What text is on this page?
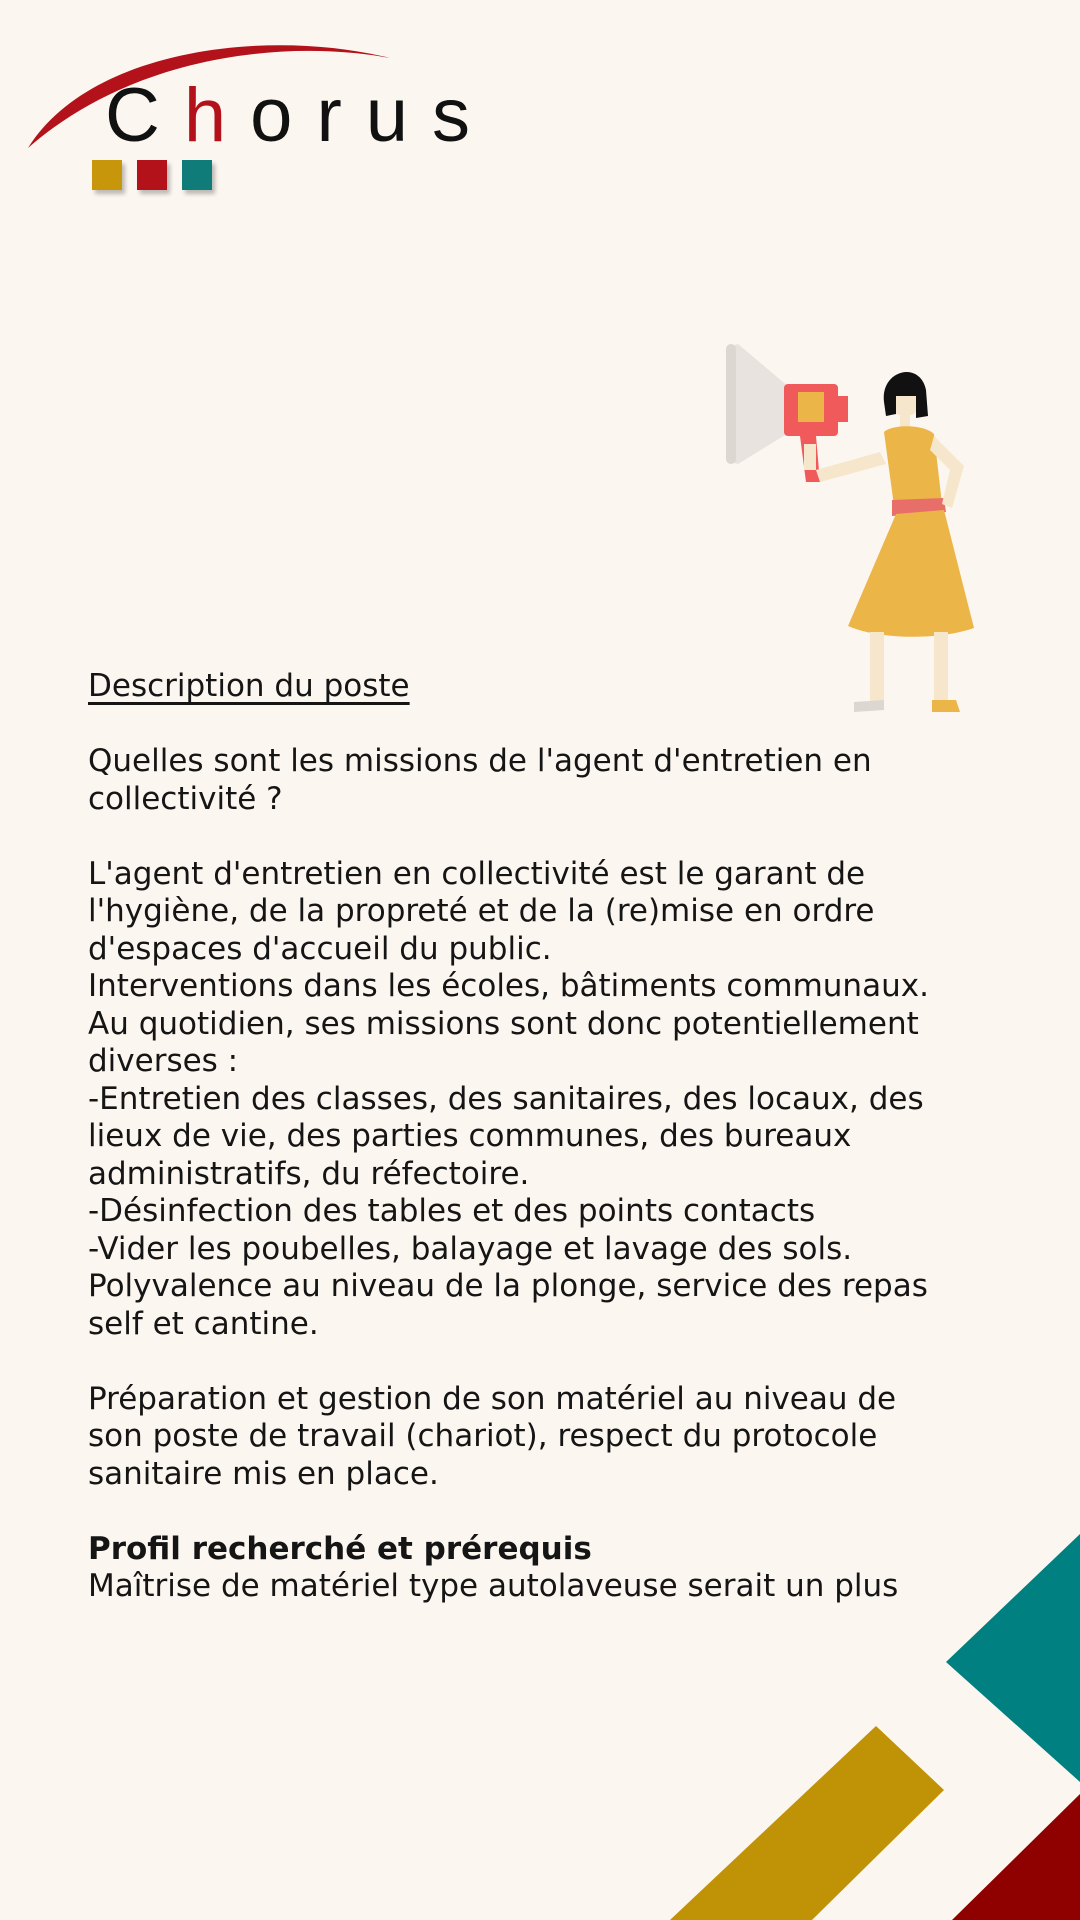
Chorus

Description du poste

Quelles sont les missions de l'agent d'entretien en

collectivité ?

L'agent d'entretien en collectivité est le garant de

l'hygiène, de la propreté et de la (re)mise en ordre

d'espaces d'accueil du public.

Interventions dans les écoles, bâtiments communaux.

Au quotidien, ses missions sont donc potentiellement

diverses :

-Entretien des classes, des sanitaires, des locaux, des

lieux de vie, des parties communes, des bureaux

administratifs, du réfectoire.

-Désinfection des tables et des points contacts

-Vider les poubelles, balayage et lavage des sols.

Polyvalence au niveau de la plonge, service des repas

self et cantine.

Préparation et gestion de son matériel au niveau de

son poste de travail (chariot), respect du protocole

sanitaire mis en place.

Profil recherché et prérequis

Maîtrise de matériel type autolaveuse serait un plus
